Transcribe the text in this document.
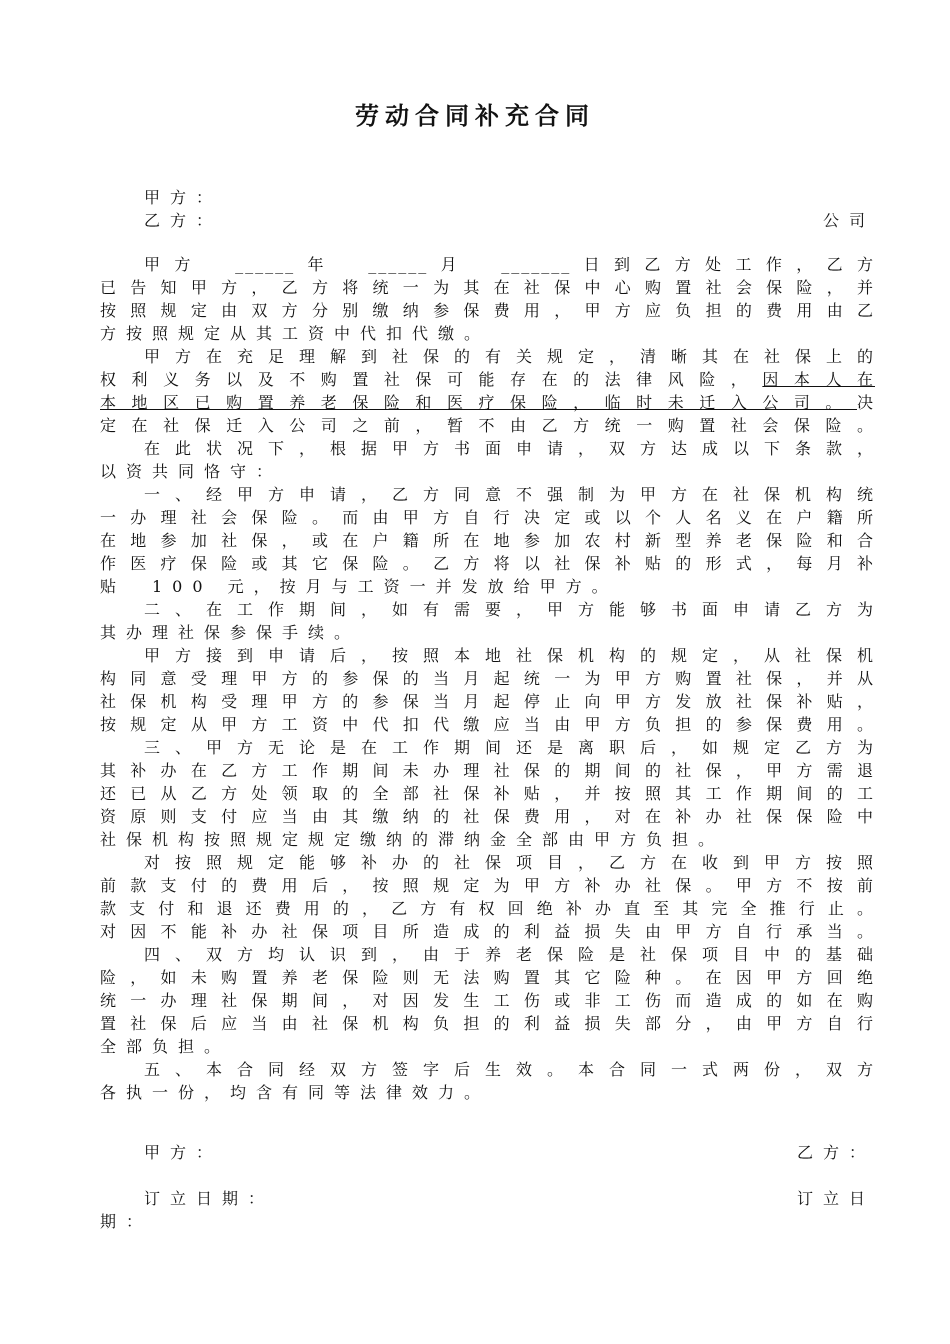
劳动合同补充合同
甲方：
乙方：	公司
甲方　______年　______月　_______日到乙方处工作，乙方
已告知甲方，乙方将统一为其在社保中心购置社会保险，并
按照规定由双方分别缴纳参保费用，甲方应负担的费用由乙
方按照规定从其工资中代扣代缴。
甲方在充足理解到社保的有关规定，清晰其在社保上的
权利义务以及不购置社保可能存在的法律风险，因本人在
本地区已购置养老保险和医疗保险，临时未迁入公司。决
定在社保迁入公司之前，暂不由乙方统一购置社会保险。
在此状况下，根据甲方书面申请，双方达成以下条款，
以资共同恪守：
一、经甲方申请，乙方同意不强制为甲方在社保机构统
一办理社会保险。而由甲方自行决定或以个人名义在户籍所
在地参加社保，或在户籍所在地参加农村新型养老保险和合
作医疗保险或其它保险。乙方将以社保补贴的形式，每月补
贴　100 元，按月与工资一并发放给甲方。
二、在工作期间，如有需要，甲方能够书面申请乙方为
其办理社保参保手续。
甲方接到申请后，按照本地社保机构的规定，从社保机
构同意受理甲方的参保的当月起统一为甲方购置社保，并从
社保机构受理甲方的参保当月起停止向甲方发放社保补贴，
按规定从甲方工资中代扣代缴应当由甲方负担的参保费用。
三、甲方无论是在工作期间还是离职后，如规定乙方为
其补办在乙方工作期间未办理社保的期间的社保，甲方需退
还已从乙方处领取的全部社保补贴，并按照其工作期间的工
资原则支付应当由其缴纳的社保费用，对在补办社保保险中
社保机构按照规定规定缴纳的滞纳金全部由甲方负担。
对按照规定能够补办的社保项目，乙方在收到甲方按照
前款支付的费用后，按照规定为甲方补办社保。甲方不按前
款支付和退还费用的，乙方有权回绝补办直至其完全推行止。
对因不能补办社保项目所造成的利益损失由甲方自行承当。
四、双方均认识到，由于养老保险是社保项目中的基础
险，如未购置养老保险则无法购置其它险种。在因甲方回绝
统一办理社保期间，对因发生工伤或非工伤而造成的如在购
置社保后应当由社保机构负担的利益损失部分，由甲方自行
全部负担。
五、本合同经双方签字后生效。本合同一式两份，双方
各执一份，均含有同等法律效力。
甲方：	乙方：
订立日期：	订立日
期：
